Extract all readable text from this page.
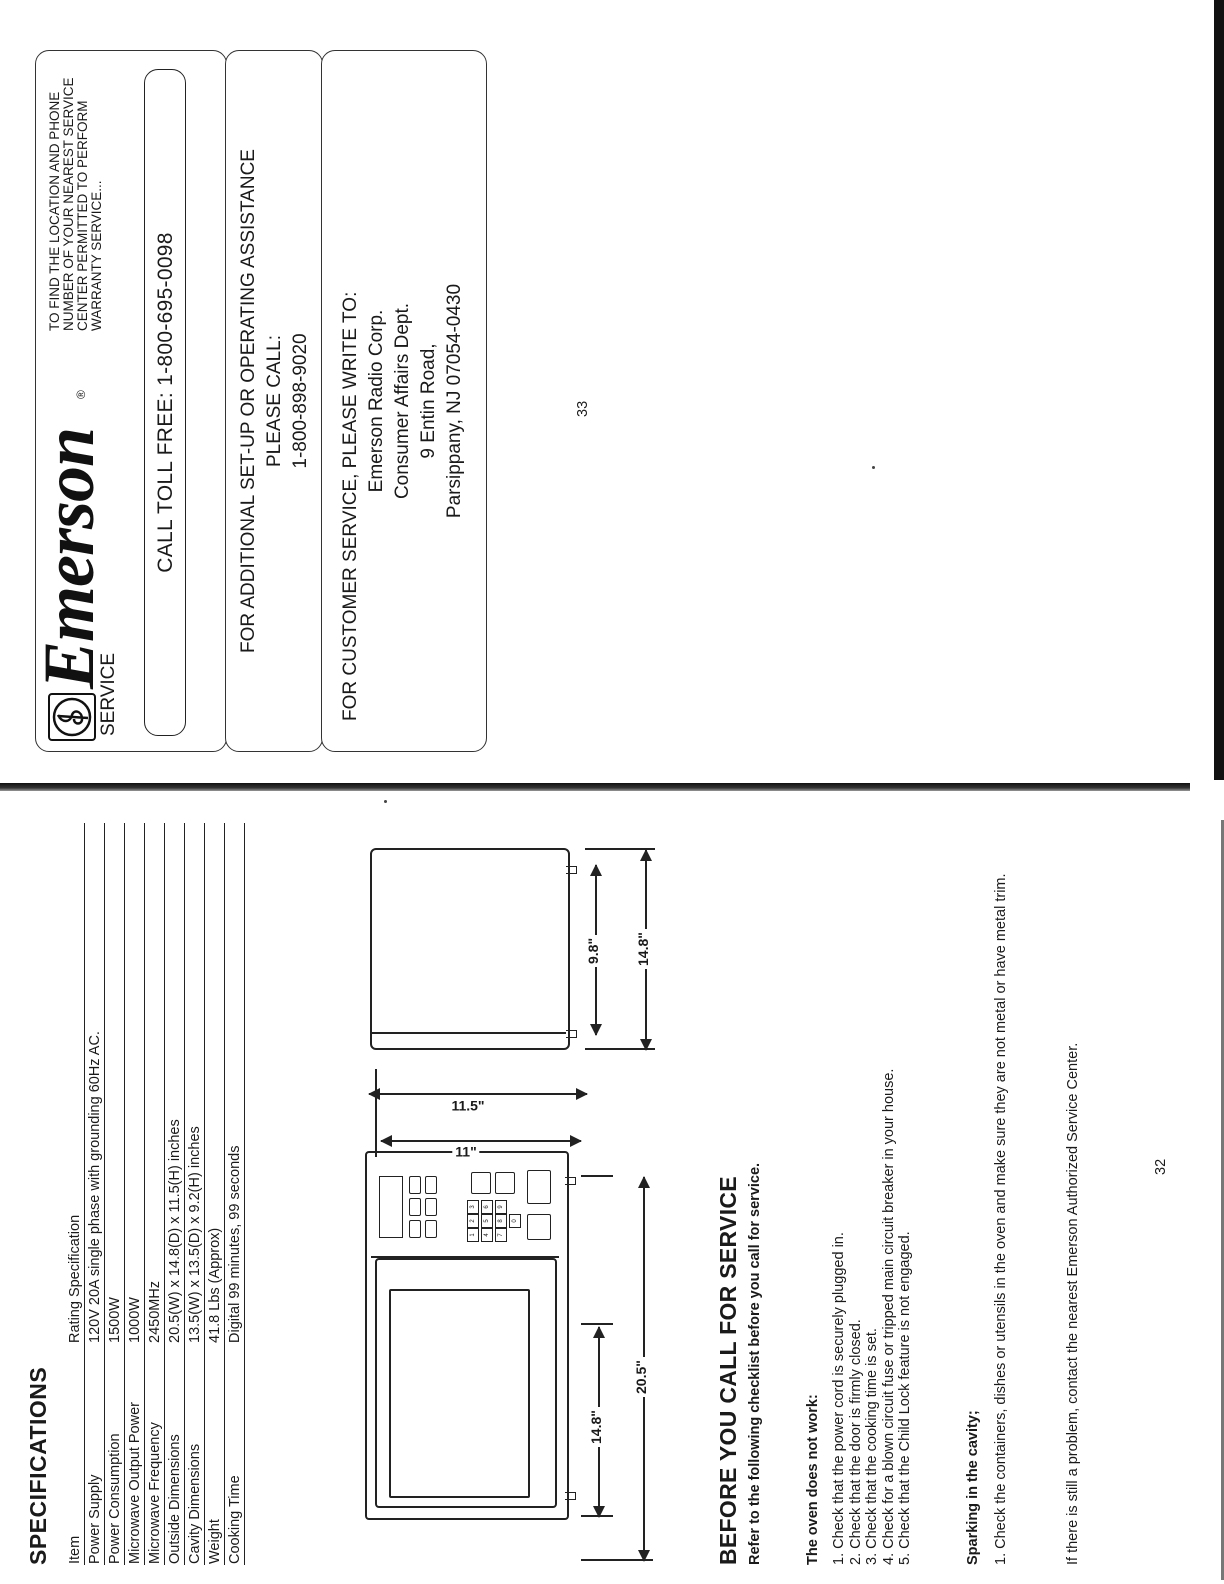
SPECIFICATIONS Item	Rating Specification
Power Supply	120V 20A single phase with grounding 60Hz AC.
Power Consumption	1500W
Microwave Output Power	1000W
Microwave Frequency	2450MHz
Outside Dimensions	20.5(W) x 14.8(D) x 11.5(H) inches
Cavity Dimensions	13.5(W) x 13.5(D) x 9.2(H) inches
Weight	41.8 Lbs (Approx)
Cooking Time	Digital 99 minutes, 99 seconds	1
2
3
4
5
6
7
8
9
0
14.8"
20.5"
11"
11.5"
9.8" 14.8"
BEFORE YOU CALL FOR SERVICE Refer to the following checklist before you call for service.	The oven does not work: 1. Check that the power cord is securely plugged in. 2. Check that the door is firmly closed. 3. Check that the cooking time is set. 4. Check for a blown circuit fuse or tripped main circuit breaker in your house. 5. Check that the Child Lock feature is not engaged.	Sparking in the cavity; 1. Check the containers, dishes or utensils in the oven and make sure they are not metal or have metal trim.	If there is still a problem, contact the nearest Emerson Authorized Service Center.	32
Emerson
®
SERVICE
TO FIND THE LOCATION AND PHONE NUMBER OF YOUR NEAREST SERVICE CENTER PERMITTED TO PERFORM WARRANTY SERVICE... CALL TOLL FREE: 1-800-695-0098	FOR ADDITIONAL SET-UP OR OPERATING ASSISTANCE PLEASE CALL: 1-800-898-9020 FOR CUSTOMER SERVICE, PLEASE WRITE TO: Emerson Radio Corp. Consumer Affairs Dept. 9 Entin Road, Parsippany, NJ 07054-0430	33
